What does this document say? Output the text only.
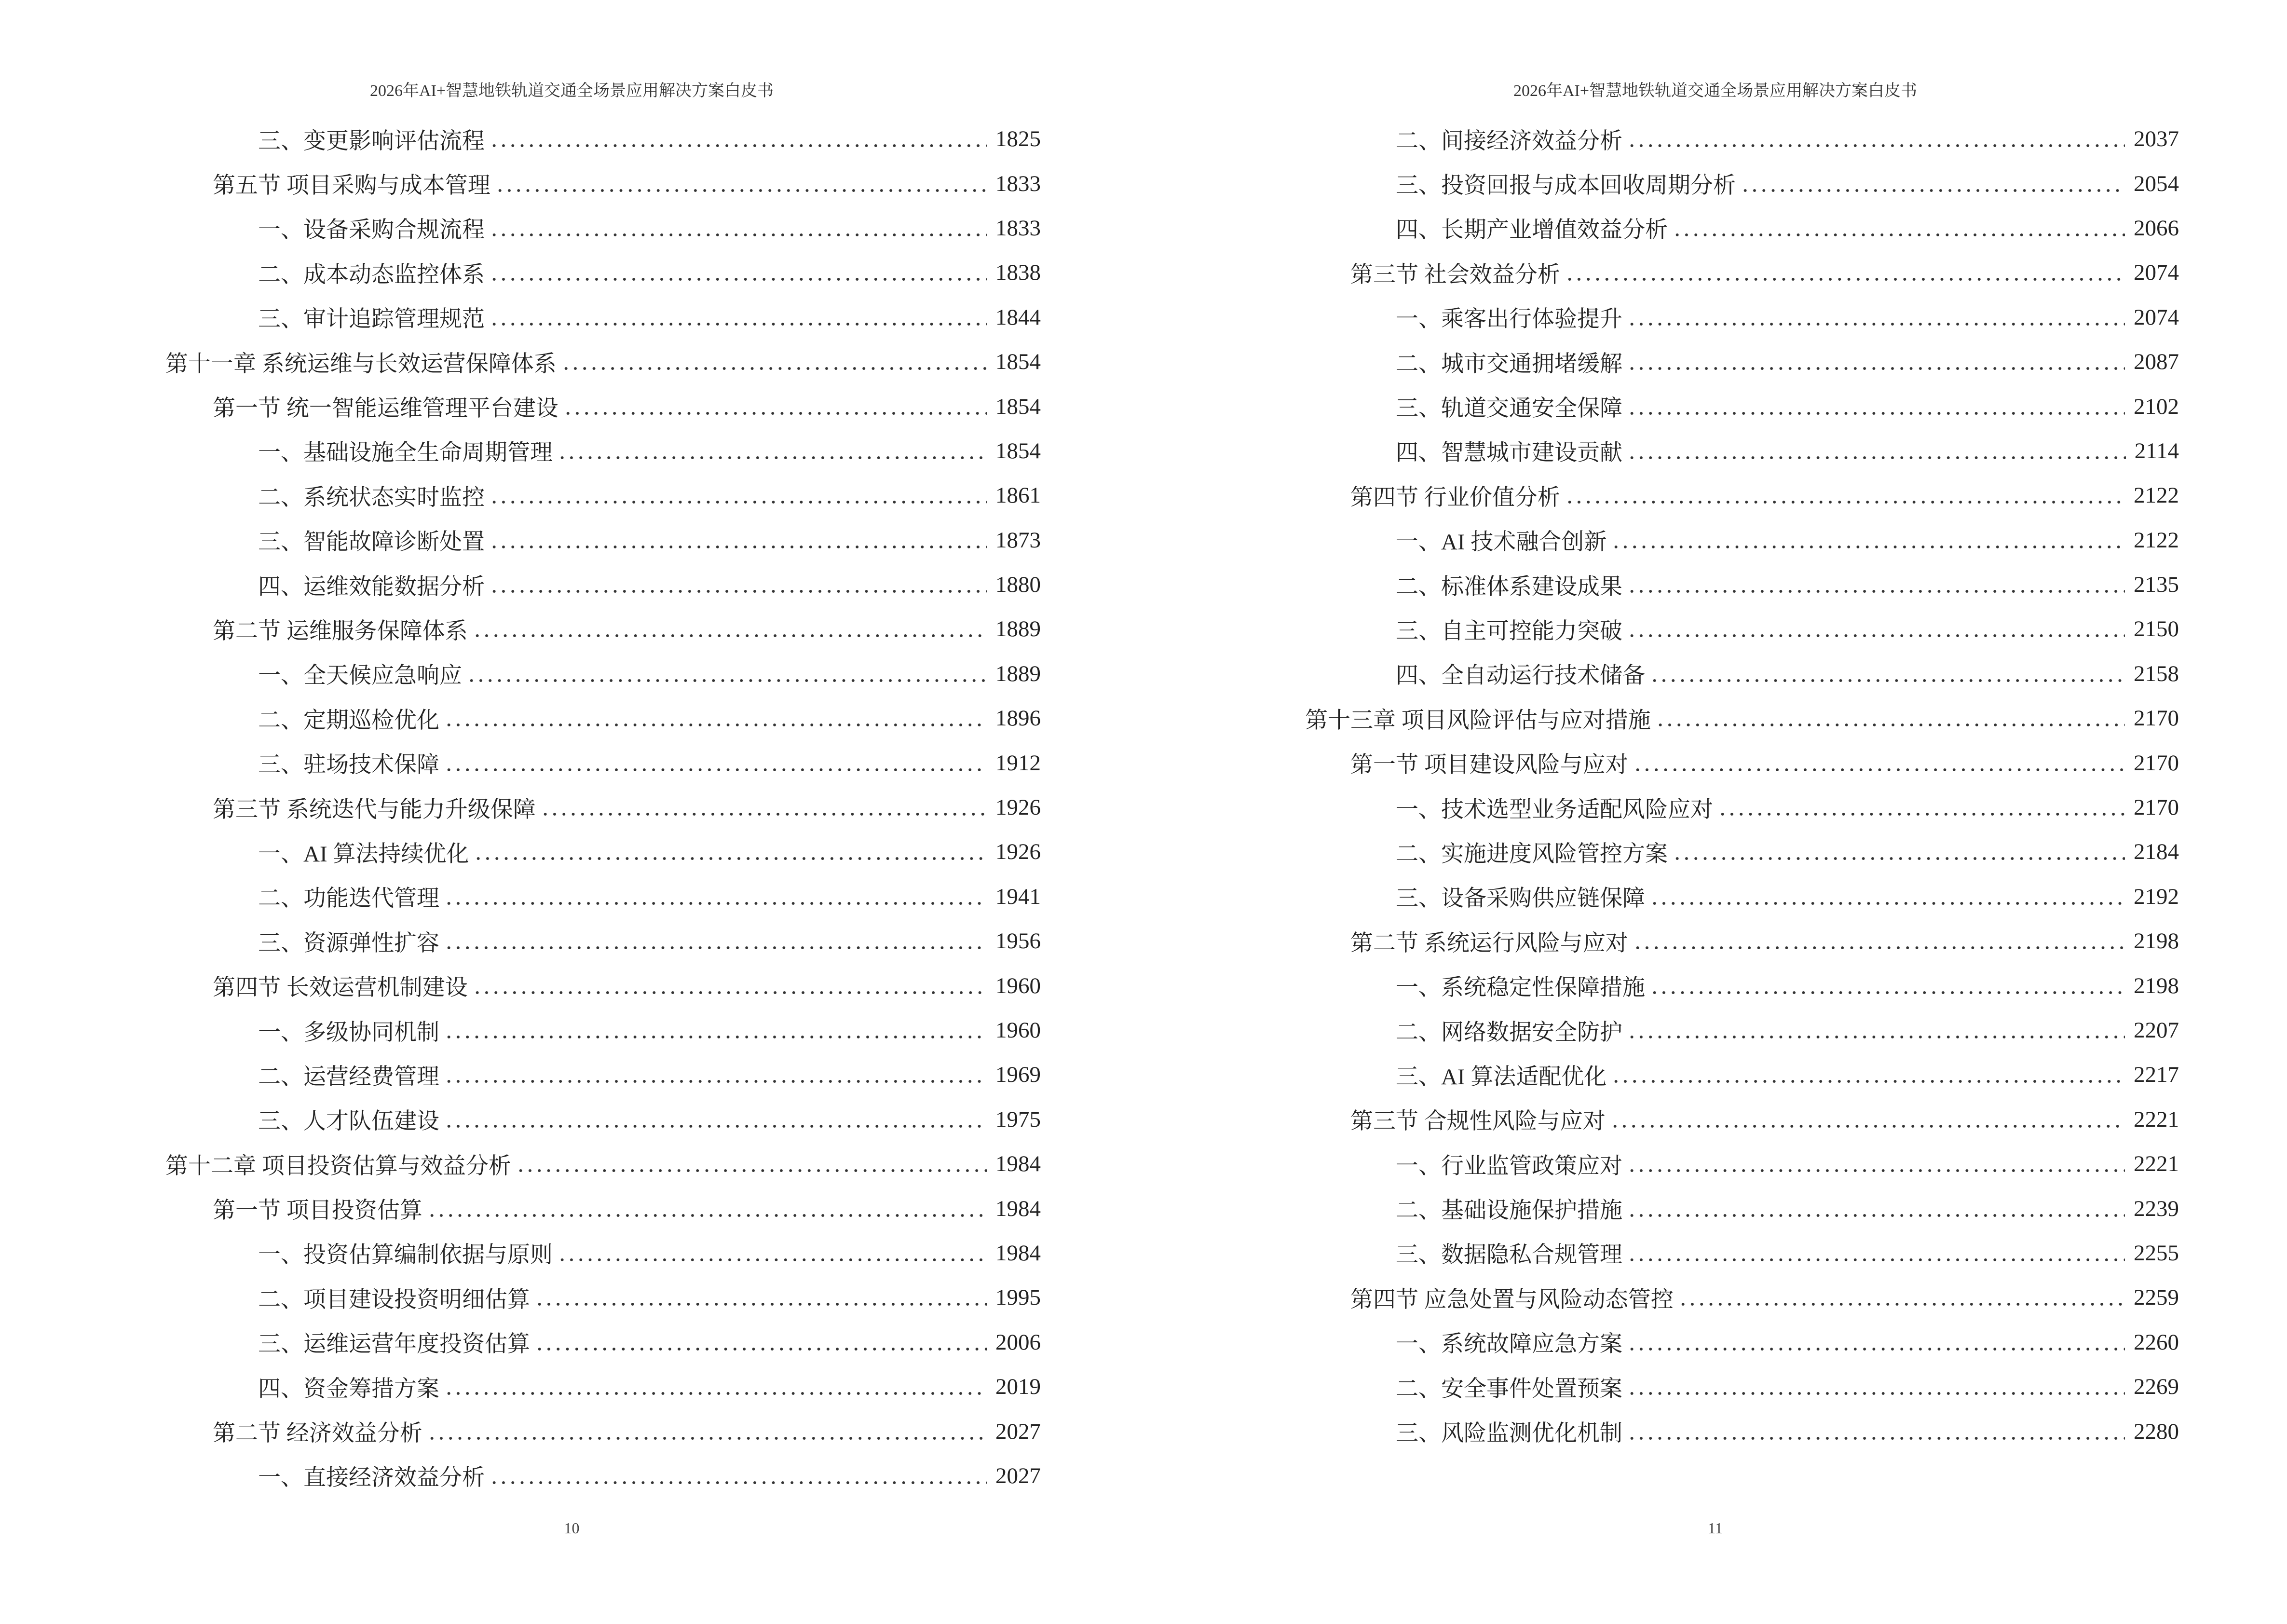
2026年AI+智慧地铁轨道交通全场景应用解决方案白皮书
三、变更影响评估流程	1825
第五节 项目采购与成本管理	1833
一、设备采购合规流程	1833
二、成本动态监控体系	1838
三、审计追踪管理规范	1844
第十一章 系统运维与长效运营保障体系	1854
第一节 统一智能运维管理平台建设	1854
一、基础设施全生命周期管理	1854
二、系统状态实时监控	1861
三、智能故障诊断处置	1873
四、运维效能数据分析	1880
第二节 运维服务保障体系	1889
一、全天候应急响应	1889
二、定期巡检优化	1896
三、驻场技术保障	1912
第三节 系统迭代与能力升级保障	1926
一、AI 算法持续优化	1926
二、功能迭代管理	1941
三、资源弹性扩容	1956
第四节 长效运营机制建设	1960
一、多级协同机制	1960
二、运营经费管理	1969
三、人才队伍建设	1975
第十二章 项目投资估算与效益分析	1984
第一节 项目投资估算	1984
一、投资估算编制依据与原则	1984
二、项目建设投资明细估算	1995
三、运维运营年度投资估算	2006
四、资金筹措方案	2019
第二节 经济效益分析	2027
一、直接经济效益分析	2027
10
2026年AI+智慧地铁轨道交通全场景应用解决方案白皮书
二、间接经济效益分析	2037
三、投资回报与成本回收周期分析	2054
四、长期产业增值效益分析	2066
第三节 社会效益分析	2074
一、乘客出行体验提升	2074
二、城市交通拥堵缓解	2087
三、轨道交通安全保障	2102
四、智慧城市建设贡献	2114
第四节 行业价值分析	2122
一、AI 技术融合创新	2122
二、标准体系建设成果	2135
三、自主可控能力突破	2150
四、全自动运行技术储备	2158
第十三章 项目风险评估与应对措施	2170
第一节 项目建设风险与应对	2170
一、技术选型业务适配风险应对	2170
二、实施进度风险管控方案	2184
三、设备采购供应链保障	2192
第二节 系统运行风险与应对	2198
一、系统稳定性保障措施	2198
二、网络数据安全防护	2207
三、AI 算法适配优化	2217
第三节 合规性风险与应对	2221
一、行业监管政策应对	2221
二、基础设施保护措施	2239
三、数据隐私合规管理	2255
第四节 应急处置与风险动态管控	2259
一、系统故障应急方案	2260
二、安全事件处置预案	2269
三、风险监测优化机制	2280
11
